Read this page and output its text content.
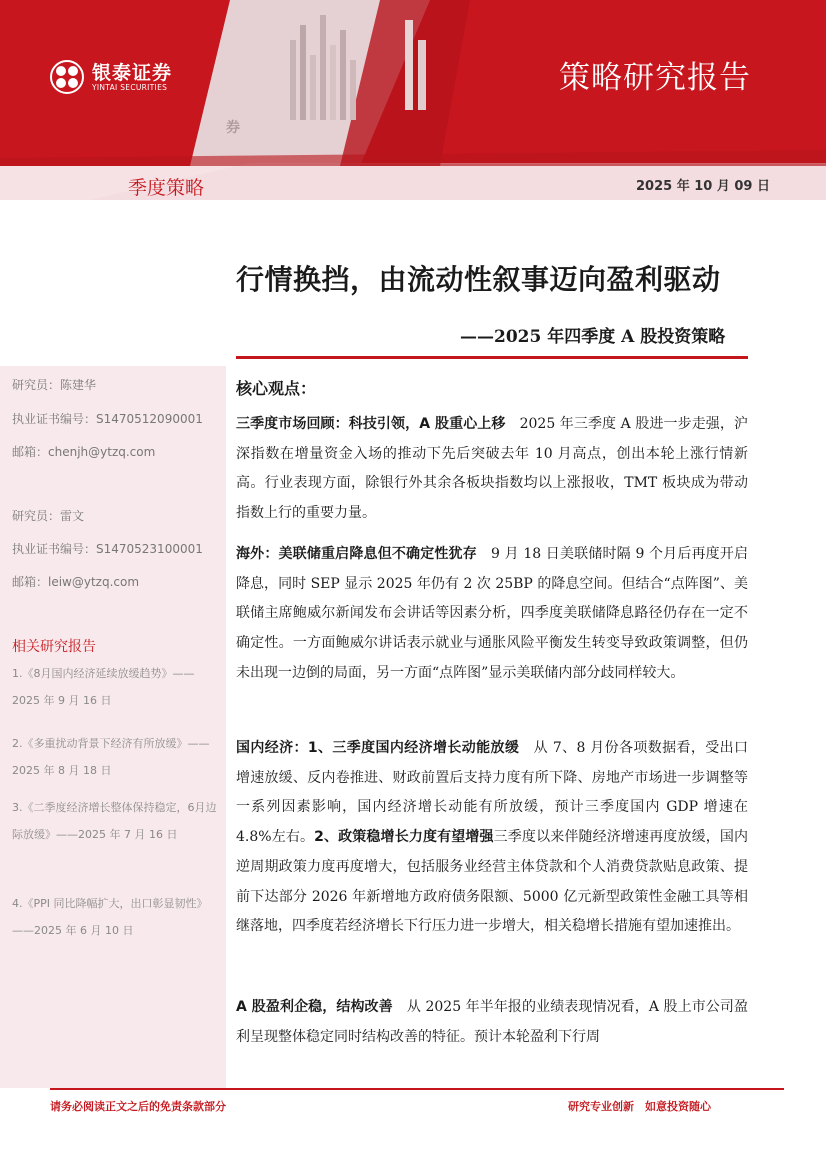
券
银泰证券
YINTAI SECURITIES	策略研究报告
季度策略	2025 年 10 月 09 日
行情换挡，由流动性叙事迈向盈利驱动
——2025 年四季度 A 股投资策略
研究员：陈建华
执业证书编号：S1470512090001
邮箱：chenjh@ytzq.com
研究员：雷文
执业证书编号：S1470523100001
邮箱：leiw@ytzq.com
相关研究报告
1.《8月国内经济延续放缓趋势》——2025 年 9 月 16 日
2.《多重扰动背景下经济有所放缓》——2025 年 8 月 18 日
3.《二季度经济增长整体保持稳定，6月边际放缓》——2025 年 7 月 16 日
4.《PPI 同比降幅扩大，出口彰显韧性》——2025 年 6 月 10 日
核心观点：
三季度市场回顾：科技引领，A 股重心上移　2025 年三季度 A 股进一步走强，沪深指数在增量资金入场的推动下先后突破去年 10 月高点，创出本轮上涨行情新高。行业表现方面，除银行外其余各板块指数均以上涨报收，TMT 板块成为带动指数上行的重要力量。
海外：美联储重启降息但不确定性犹存　9 月 18 日美联储时隔 9 个月后再度开启降息，同时 SEP 显示 2025 年仍有 2 次 25BP 的降息空间。但结合“点阵图”、美联储主席鲍威尔新闻发布会讲话等因素分析，四季度美联储降息路径仍存在一定不确定性。一方面鲍威尔讲话表示就业与通胀风险平衡发生转变导致政策调整，但仍未出现一边倒的局面，另一方面“点阵图”显示美联储内部分歧同样较大。
国内经济：1、三季度国内经济增长动能放缓　从 7、8 月份各项数据看，受出口增速放缓、反内卷推进、财政前置后支持力度有所下降、房地产市场进一步调整等一系列因素影响，国内经济增长动能有所放缓，预计三季度国内 GDP 增速在 4.8%左右。2、政策稳增长力度有望增强三季度以来伴随经济增速再度放缓，国内逆周期政策力度再度增大，包括服务业经营主体贷款和个人消费贷款贴息政策、提前下达部分 2026 年新增地方政府债务限额、5000 亿元新型政策性金融工具等相继落地，四季度若经济增长下行压力进一步增大，相关稳增长措施有望加速推出。
A 股盈利企稳，结构改善　从 2025 年半年报的业绩表现情况看，A 股上市公司盈利呈现整体稳定同时结构改善的特征。预计本轮盈利下行周
请务必阅读正文之后的免责条款部分	研究专业创新　如意投资随心
